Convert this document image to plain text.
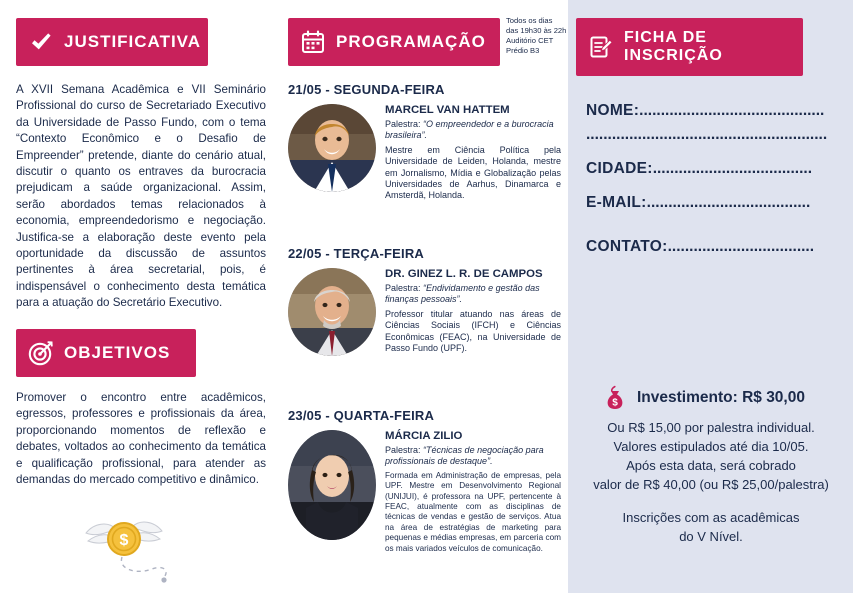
JUSTIFICATIVA
A XVII Semana Acadêmica e VII Seminário Profissional do curso de Secretariado Executivo da Universidade de Passo Fundo, com o tema “Contexto Econômico e o Desafio de Empreender” pretende, diante do cenário atual, discutir o quanto os entraves da burocracia prejudicam a saúde organizacional. Assim, serão abordados temas relacionados à economia, empreendedorismo e negociação. Justifica-se a elaboração deste evento pela oportunidade da discussão de assuntos pertinentes à área secretarial, pois, é indispensável o conhecimento desta temática para a atuação do Secretário Executivo.
OBJETIVOS
Promover o encontro entre acadêmicos, egressos, professores e profissionais da área, proporcionando momentos de reflexão e debates, voltados ao conhecimento da temática e qualificação profissional, para atender as demandas do mercado competitivo e dinâmico.
$
PROGRAMAÇÃO
Todos os dias
das 19h30 às 22h
Auditório CET
Prédio B3
21/05 - SEGUNDA-FEIRA
MARCEL VAN HATTEM
Palestra: “O empreendedor e a burocracia brasileira”.
Mestre em Ciência Política pela Universidade de Leiden, Holanda, mestre em Jornalismo, Mídia e Globalização pelas Universidades de Aarhus, Dinamarca e Amsterdã, Holanda.
22/05 - TERÇA-FEIRA
DR. GINEZ L. R. DE CAMPOS
Palestra: “Endividamento e gestão das finanças pessoais”.
Professor titular atuando nas áreas de Ciências Sociais (IFCH) e Ciências Econômicas (FEAC), na Universidade de Passo Fundo (UPF).
23/05 - QUARTA-FEIRA
MÁRCIA ZILIO
Palestra: “Técnicas de negociação para profissionais de destaque”.
Formada em Administração de empresas, pela UPF. Mestre em Desenvolvimento Regional (UNIJUI), é professora na UPF, pertencente à FEAC, atualmente com as disciplinas de técnicas de vendas e gestão de serviços. Atua na área de estratégias de marketing para pequenas e médias empresas, em parceria com os mais variados veículos de comunicação.
FICHA DE INSCRIÇÃO
NOME:...........................................
........................................................
CIDADE:.....................................
E-MAIL:......................................
CONTATO:..................................
$ Investimento: R$ 30,00
Ou R$ 15,00 por palestra individual.
Valores estipulados até dia 10/05.
Após esta data, será cobrado
valor de R$ 40,00 (ou R$ 25,00/palestra)
Inscrições com as acadêmicas
do V Nível.
